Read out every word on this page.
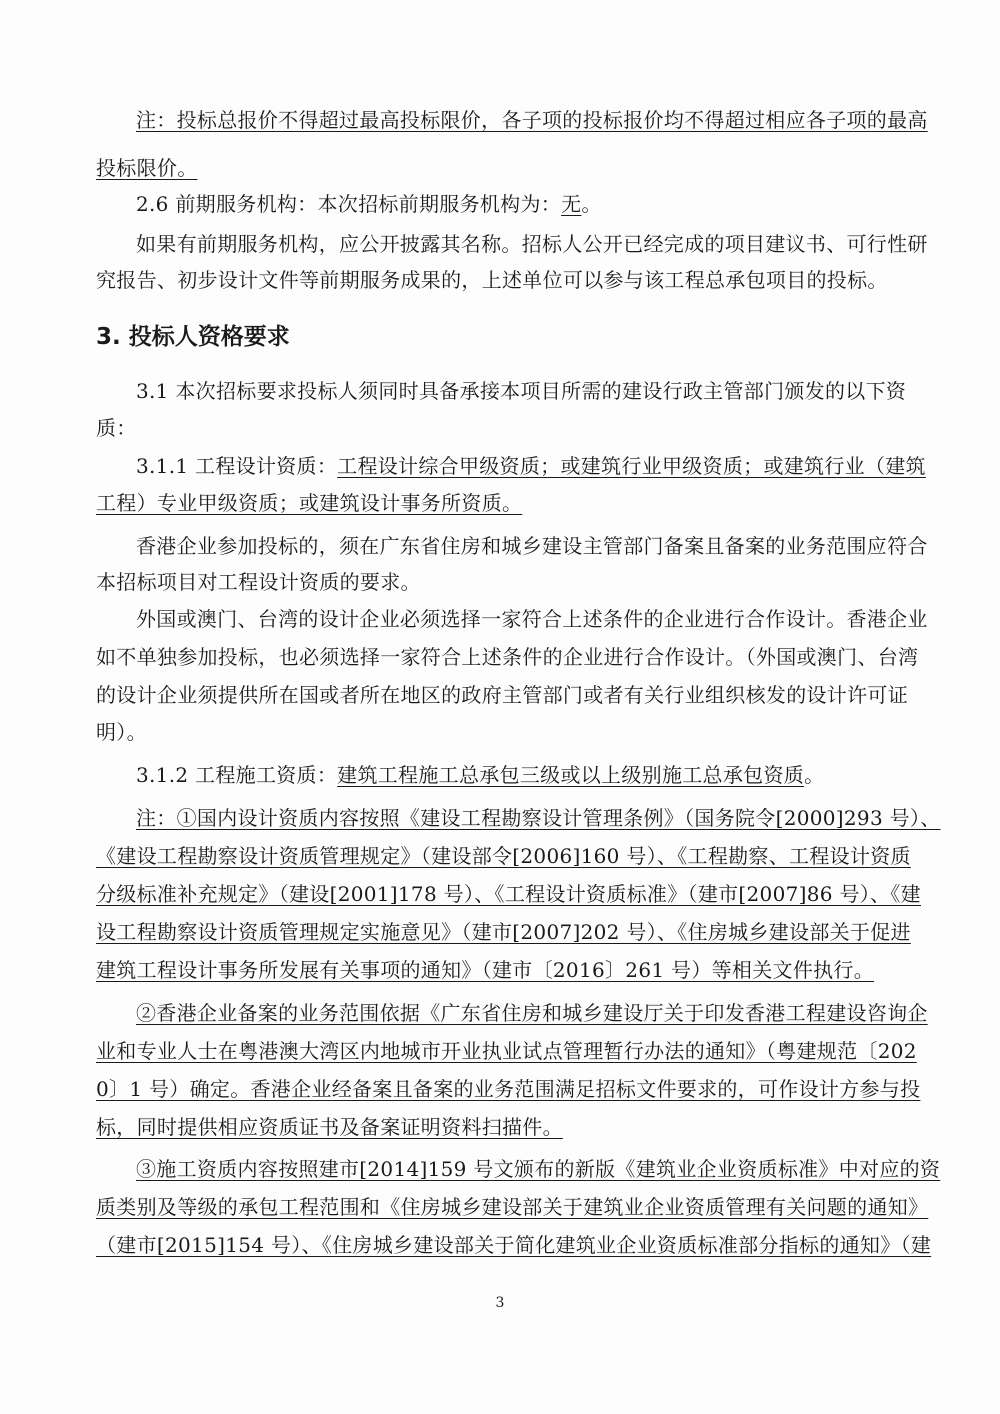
注：投标总报价不得超过最高投标限价，各子项的投标报价均不得超过相应各子项的最高
投标限价。
2.6 前期服务机构：本次招标前期服务机构为：无。
如果有前期服务机构，应公开披露其名称。招标人公开已经完成的项目建议书、可行性研
究报告、初步设计文件等前期服务成果的，上述单位可以参与该工程总承包项目的投标。
3. 投标人资格要求
3.1 本次招标要求投标人须同时具备承接本项目所需的建设行政主管部门颁发的以下资
质：
3.1.1 工程设计资质：工程设计综合甲级资质；或建筑行业甲级资质；或建筑行业（建筑
工程）专业甲级资质；或建筑设计事务所资质。
香港企业参加投标的，须在广东省住房和城乡建设主管部门备案且备案的业务范围应符合
本招标项目对工程设计资质的要求。
外国或澳门、台湾的设计企业必须选择一家符合上述条件的企业进行合作设计。香港企业
如不单独参加投标，也必须选择一家符合上述条件的企业进行合作设计。（外国或澳门、台湾
的设计企业须提供所在国或者所在地区的政府主管部门或者有关行业组织核发的设计许可证
明）。
3.1.2 工程施工资质：建筑工程施工总承包三级或以上级别施工总承包资质。
注：①国内设计资质内容按照《建设工程勘察设计管理条例》（国务院令[2000]293 号）、
《建设工程勘察设计资质管理规定》（建设部令[2006]160 号）、《工程勘察、工程设计资质
分级标准补充规定》（建设[2001]178 号）、《工程设计资质标准》（建市[2007]86 号）、《建
设工程勘察设计资质管理规定实施意见》（建市[2007]202 号）、《住房城乡建设部关于促进
建筑工程设计事务所发展有关事项的通知》（建市〔2016〕261 号）等相关文件执行。
②香港企业备案的业务范围依据《广东省住房和城乡建设厅关于印发香港工程建设咨询企
业和专业人士在粤港澳大湾区内地城市开业执业试点管理暂行办法的通知》（粤建规范〔202
0〕1 号）确定。香港企业经备案且备案的业务范围满足招标文件要求的，可作设计方参与投
标，同时提供相应资质证书及备案证明资料扫描件。
③施工资质内容按照建市[2014]159 号文颁布的新版《建筑业企业资质标准》中对应的资
质类别及等级的承包工程范围和《住房城乡建设部关于建筑业企业资质管理有关问题的通知》
（建市[2015]154 号）、《住房城乡建设部关于简化建筑业企业资质标准部分指标的通知》（建
3
